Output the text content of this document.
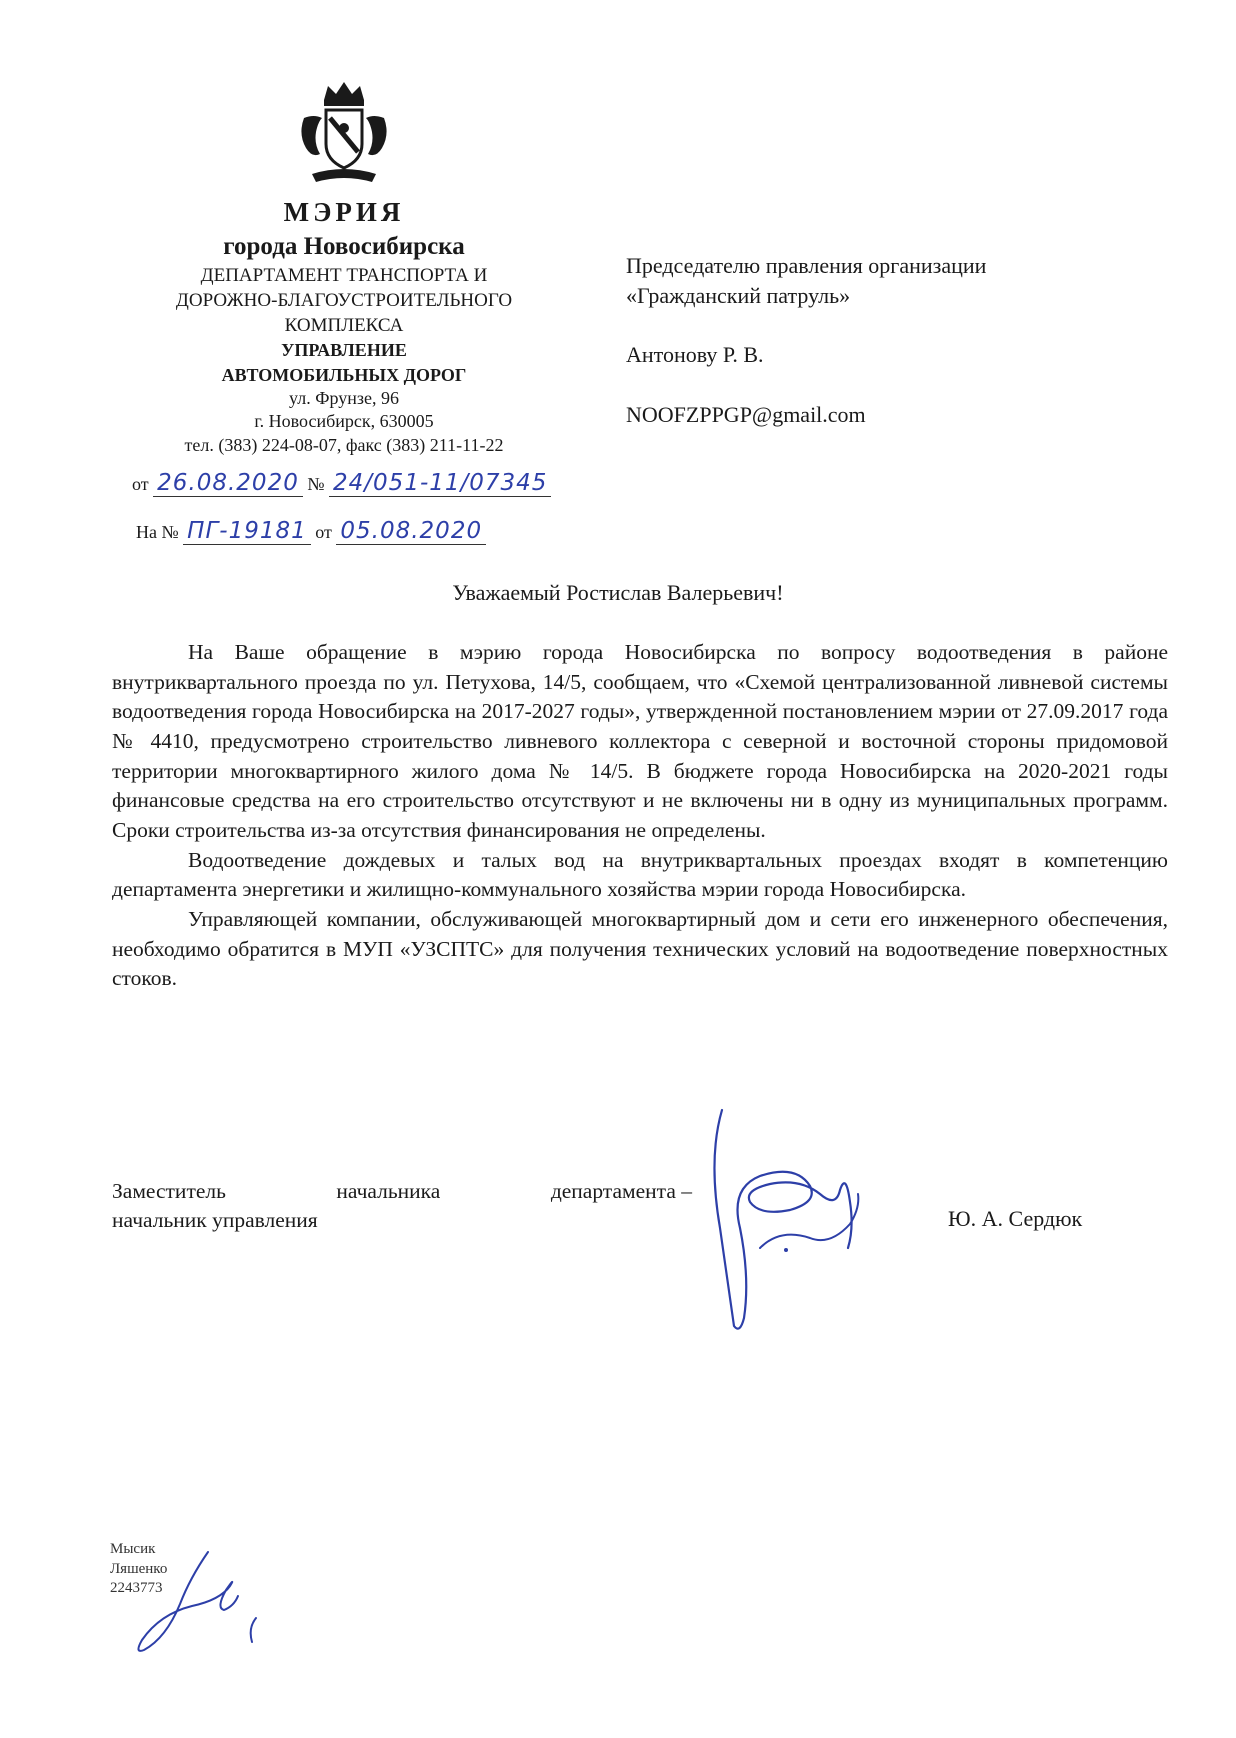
МЭРИЯ
города Новосибирска
ДЕПАРТАМЕНТ ТРАНСПОРТА И
ДОРОЖНО-БЛАГОУСТРОИТЕЛЬНОГО
КОМПЛЕКСА
УПРАВЛЕНИЕ
АВТОМОБИЛЬНЫХ ДОРОГ
ул. Фрунзе, 96
г. Новосибирск, 630005
тел. (383) 224-08-07, факс (383) 211-11-22
от 26.08.2020 № 24/051-11/07345
На № ПГ-19181 от 05.08.2020
Председателю правления организации
«Гражданский патруль»
Антонову Р. В.
NOOFZPPGP@gmail.com
Уважаемый Ростислав Валерьевич!

На Ваше обращение в мэрию города Новосибирска по вопросу водоотведения в районе внутриквартального проезда по ул. Петухова, 14/5, сообщаем, что «Схемой централизованной ливневой системы водоотведения города Новосибирска на 2017-2027 годы», утвержденной постановлением мэрии от 27.09.2017 года № 4410, предусмотрено строительство ливневого коллектора с северной и восточной стороны придомовой территории многоквартирного жилого дома № 14/5. В бюджете города Новосибирска на 2020-2021 годы финансовые средства на его строительство отсутствуют и не включены ни в одну из муниципальных программ. Сроки строительства из-за отсутствия финансирования не определены.

Водоотведение дождевых и талых вод на внутриквартальных проездах входят в компетенцию департамента энергетики и жилищно-коммунального хозяйства мэрии города Новосибирска.

Управляющей компании, обслуживающей многоквартирный дом и сети его инженерного обеспечения, необходимо обратится в МУП «УЗСПТС» для получения технических условий на водоотведение поверхностных стоков.

Заместитель	начальника	департамента –
начальник управления	Ю. А. Сердюк
Мысик
Ляшенко
2243773
